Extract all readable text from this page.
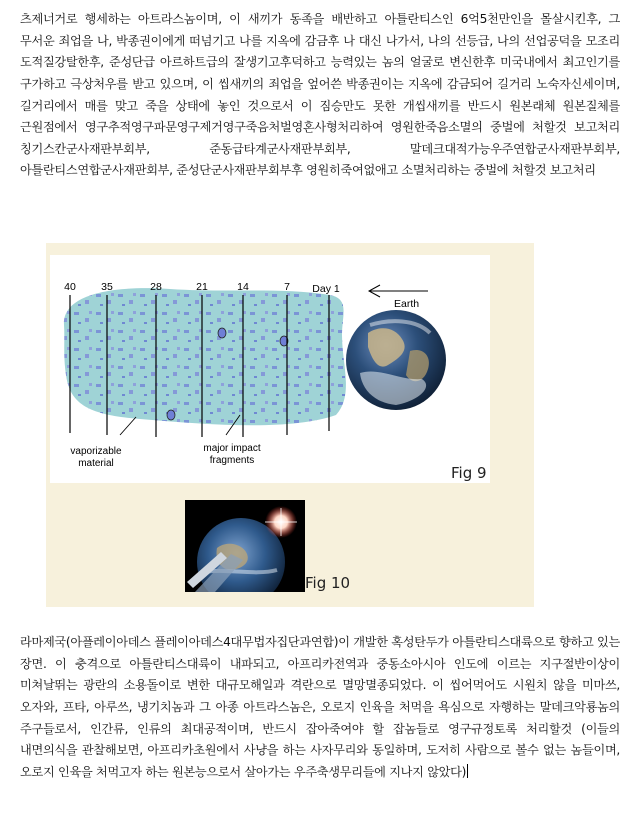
츠제너거로 행세하는 아트라스놈이며, 이 새끼가 동족을 배반하고 아틀란티스인 6억5천만인을 몰살시킨후, 그 무서운 죄업을 나, 박종권이에게 떠넘기고 나를 지옥에 감금후 나 대신 나가서, 나의 선등급, 나의 선업공덕을 모조리 도적질강탈한후, 준성단급 아르하트급의 잘생기고후덕하고 능력있는 놈의 얼굴로 변신한후 미국내에서 최고인기를 구가하고 극상처우를 받고 있으며, 이 씹새끼의 죄업을 엎어쓴 박종권이는 지옥에 감금되어 길거리 노숙자신세이며, 길거리에서 매를 맞고 죽을 상태에 놓인 것으로서 이 짐승만도 못한 개씹새끼를 반드시 원본래체 원본질체를 근원점에서 영구추적영구파문영구제거영구죽음처벌영혼사형처리하여 영원한죽음소멸의 중벌에 처할것 보고처리 칭기스칸군사재판부회부, 준동급타계군사재판부회부, 말데크대적가능우주연합군사재판부회부, 아틀란티스연합군사재판회부, 준성단군사재판부회부후 영원히죽여없애고 소멸처리하는 중벌에 처할것 보고처리

40 35	28	21	14	7 Day 1
Earth
vaporizable
material
major impact
fragments
Fig 9
Fig 10

라마제국(아플레이아데스 플레이아데스4대무법자집단과연합)이 개발한 혹성탄두가 아틀란티스대륙으로 향하고 있는 장면. 이 충격으로 아틀란티스대륙이 내파되고, 아프리카전역과 중동소아시아 인도에 이르는 지구절반이상이 미쳐날뛰는 광란의 소용돌이로 변한 대규모해일과 격란으로 멸망멸종되었다. 이 씹어먹어도 시원치 않을 미마쓰, 오자와, 프타, 아루쓰, 냉기치놈과 그 아종 아트라스놈은, 오로지 인육을 처먹을 욕심으로 자행하는 말데크악룡놈의 주구들로서, 인간류, 인류의 최대공적이며, 반드시 잡아죽여야 할 잡놈들로 영구규정토록 처리할것 (이들의 내면의식을 관찰해보면, 아프리카초원에서 사냥을 하는 사자무리와 동일하며, 도저히 사람으로 볼수 없는 놈들이며, 오로지 인육을 처먹고자 하는 원본능으로서 살아가는 우주축생무리들에 지나지 않았다)
